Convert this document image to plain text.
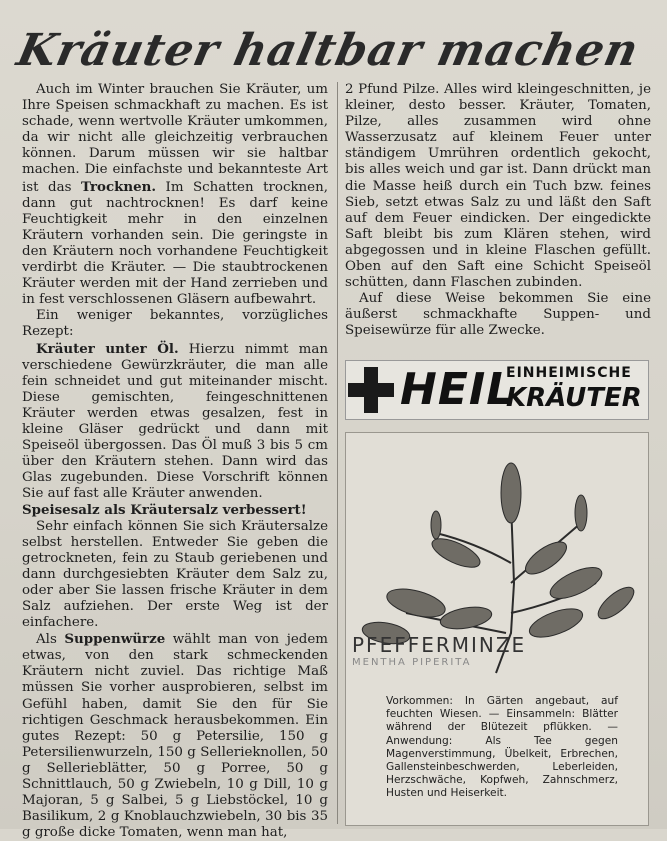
Kräuter haltbar machen

Auch im Winter brauchen Sie Kräuter, um Ihre Speisen schmackhaft zu machen. Es ist schade, wenn wertvolle Kräuter umkommen, da wir nicht alle gleichzeitig verbrauchen können. Darum müssen wir sie haltbar machen. Die einfachste und bekannteste Art ist das Trocknen. Im Schatten trocknen, dann gut nachtrocknen! Es darf keine Feuchtigkeit mehr in den einzelnen Kräutern vorhanden sein. Die geringste in den Kräutern noch vorhandene Feuchtigkeit verdirbt die Kräuter. — Die staubtrockenen Kräuter werden mit der Hand zerrieben und in fest verschlossenen Gläsern aufbewahrt.

Ein weniger bekanntes, vorzügliches Rezept:

Kräuter unter Öl. Hierzu nimmt man verschiedene Gewürzkräuter, die man alle fein schneidet und gut miteinander mischt. Diese gemischten, feingeschnittenen Kräuter werden etwas gesalzen, fest in kleine Gläser gedrückt und dann mit Speiseöl übergossen. Das Öl muß 3 bis 5 cm über den Kräutern stehen. Dann wird das Glas zugebunden. Diese Vorschrift können Sie auf fast alle Kräuter anwenden.

Speisesalz als Kräutersalz verbessert!

Sehr einfach können Sie sich Kräutersalze selbst herstellen. Entweder Sie geben die getrockneten, fein zu Staub geriebenen und dann durchgesiebten Kräuter dem Salz zu, oder aber Sie lassen frische Kräuter in dem Salz aufziehen. Der erste Weg ist der einfachere.

Als Suppenwürze wählt man von jedem etwas, von den stark schmeckenden Kräutern nicht zuviel. Das richtige Maß müssen Sie vorher ausprobieren, selbst im Gefühl haben, damit Sie den für Sie richtigen Geschmack herausbekommen. Ein gutes Rezept: 50 g Petersilie, 150 g Petersilienwurzeln, 150 g Sellerieknollen, 50 g Sellerieblätter, 50 g Porree, 50 g Schnittlauch, 50 g Zwiebeln, 10 g Dill, 10 g Majoran, 5 g Salbei, 5 g Liebstöckel, 10 g Basilikum, 2 g Knoblauchzwiebeln, 30 bis 35 g große dicke Tomaten, wenn man hat,

2 Pfund Pilze. Alles wird kleingeschnitten, je kleiner, desto besser. Kräuter, Tomaten, Pilze, alles zusammen wird ohne Wasserzusatz auf kleinem Feuer unter ständigem Umrühren ordentlich gekocht, bis alles weich und gar ist. Dann drückt man die Masse heiß durch ein Tuch bzw. feines Sieb, setzt etwas Salz zu und läßt den Saft auf dem Feuer eindicken. Der eingedickte Saft bleibt bis zum Klären stehen, wird abgegossen und in kleine Flaschen gefüllt. Oben auf den Saft eine Schicht Speiseöl schütten, dann Flaschen zubinden.

Auf diese Weise bekommen Sie eine äußerst schmackhafte Suppen- und Speisewürze für alle Zwecke.

HEIL
EINHEIMISCHE
KRÄUTER
PFEFFERMINZE
MENTHA PIPERITA
Vorkommen: In Gärten angebaut, auf feuchten Wiesen. — Einsammeln: Blätter während der Blütezeit pflükken. — Anwendung: Als Tee gegen Magenverstimmung, Übelkeit, Erbrechen, Gallensteinbeschwerden, Leberleiden, Herzschwäche, Kopfweh, Zahnschmerz, Husten und Heiserkeit.
